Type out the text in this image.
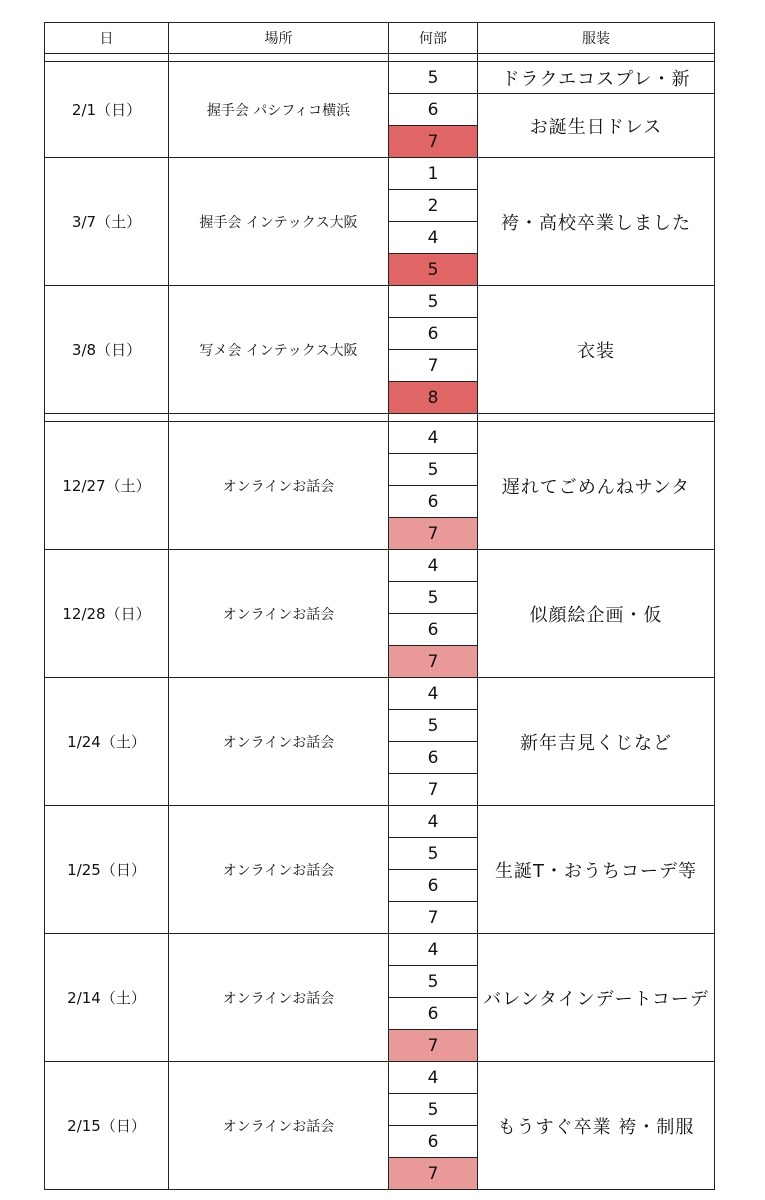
日	場所	何部	服装

2/1（日）	握手会 パシフィコ横浜	5	ドラクエコスプレ・新
		6	お誕生日ドレス
		7	
3/7（土）	握手会 インテックス大阪	1	袴・高校卒業しました
		2	
		4	
		5	
3/8（日）	写メ会 インテックス大阪	5	衣装
		6	
		7	
		8	

12/27（土）	オンラインお話会	4	遅れてごめんねサンタ
		5	
		6	
		7	
12/28（日）	オンラインお話会	4	似顔絵企画・仮
		5	
		6	
		7	
1/24（土）	オンラインお話会	4	新年吉見くじなど
		5	
		6	
		7	
1/25（日）	オンラインお話会	4	生誕T・おうちコーデ等
		5	
		6	
		7	
2/14（土）	オンラインお話会	4	バレンタインデートコーデ
		5	
		6	
		7	
2/15（日）	オンラインお話会	4	もうすぐ卒業 袴・制服
		5	
		6	
		7	
